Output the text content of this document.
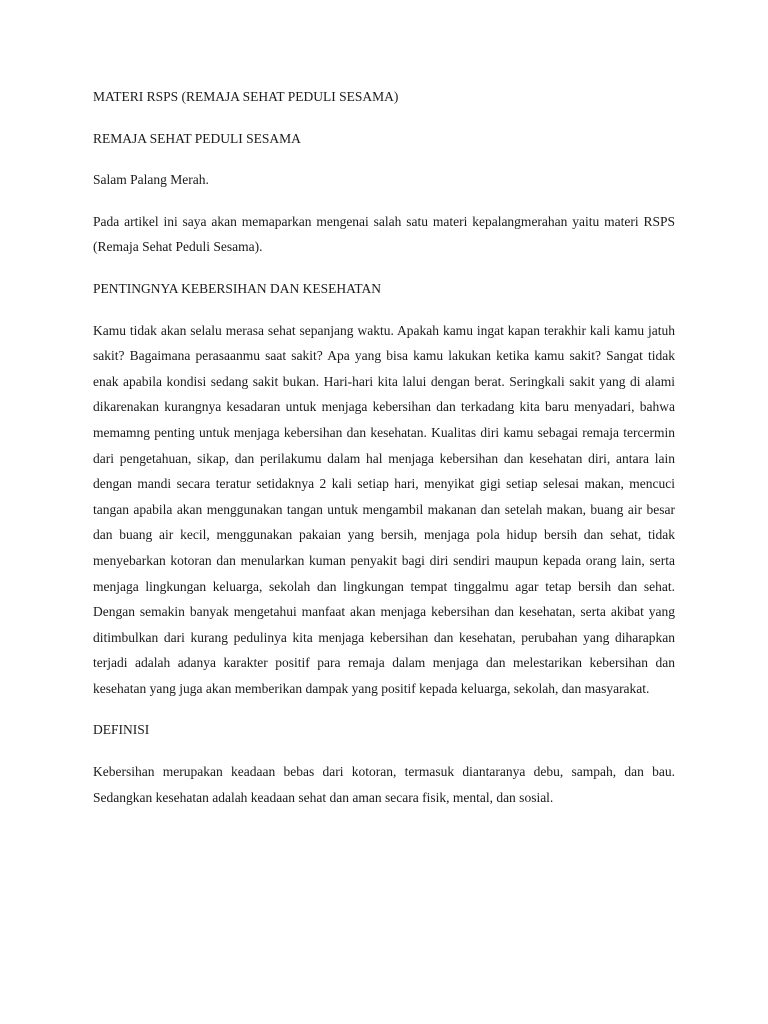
MATERI RSPS (REMAJA SEHAT PEDULI SESAMA)

REMAJA SEHAT PEDULI SESAMA

Salam Palang Merah.

Pada artikel ini saya akan memaparkan mengenai salah satu materi kepalangmerahan yaitu materi RSPS (Remaja Sehat Peduli Sesama).

PENTINGNYA KEBERSIHAN DAN KESEHATAN

Kamu tidak akan selalu merasa sehat sepanjang waktu. Apakah kamu ingat kapan terakhir kali kamu jatuh sakit? Bagaimana perasaanmu saat sakit? Apa yang bisa kamu lakukan ketika kamu sakit? Sangat tidak enak apabila kondisi sedang sakit bukan. Hari-hari kita lalui dengan berat. Seringkali sakit yang di alami dikarenakan kurangnya kesadaran untuk menjaga kebersihan dan terkadang kita baru menyadari, bahwa memamng penting untuk menjaga kebersihan dan kesehatan. Kualitas diri kamu sebagai remaja tercermin dari pengetahuan, sikap, dan perilakumu dalam hal menjaga kebersihan dan kesehatan diri, antara lain dengan mandi secara teratur setidaknya 2 kali setiap hari, menyikat gigi setiap selesai makan, mencuci tangan apabila akan menggunakan tangan untuk mengambil makanan dan setelah makan, buang air besar dan buang air kecil, menggunakan pakaian yang bersih, menjaga pola hidup bersih dan sehat, tidak menyebarkan kotoran dan menularkan kuman penyakit bagi diri sendiri maupun kepada orang lain, serta menjaga lingkungan keluarga, sekolah dan lingkungan tempat tinggalmu agar tetap bersih dan sehat. Dengan semakin banyak mengetahui manfaat akan menjaga kebersihan dan kesehatan, serta akibat yang ditimbulkan dari kurang pedulinya kita menjaga kebersihan dan kesehatan, perubahan yang diharapkan terjadi adalah adanya karakter positif para remaja dalam menjaga dan melestarikan kebersihan dan kesehatan yang juga akan memberikan dampak yang positif kepada keluarga, sekolah, dan masyarakat.

DEFINISI

Kebersihan merupakan keadaan bebas dari kotoran, termasuk diantaranya debu, sampah, dan bau. Sedangkan kesehatan adalah keadaan sehat dan aman secara fisik, mental, dan sosial.
